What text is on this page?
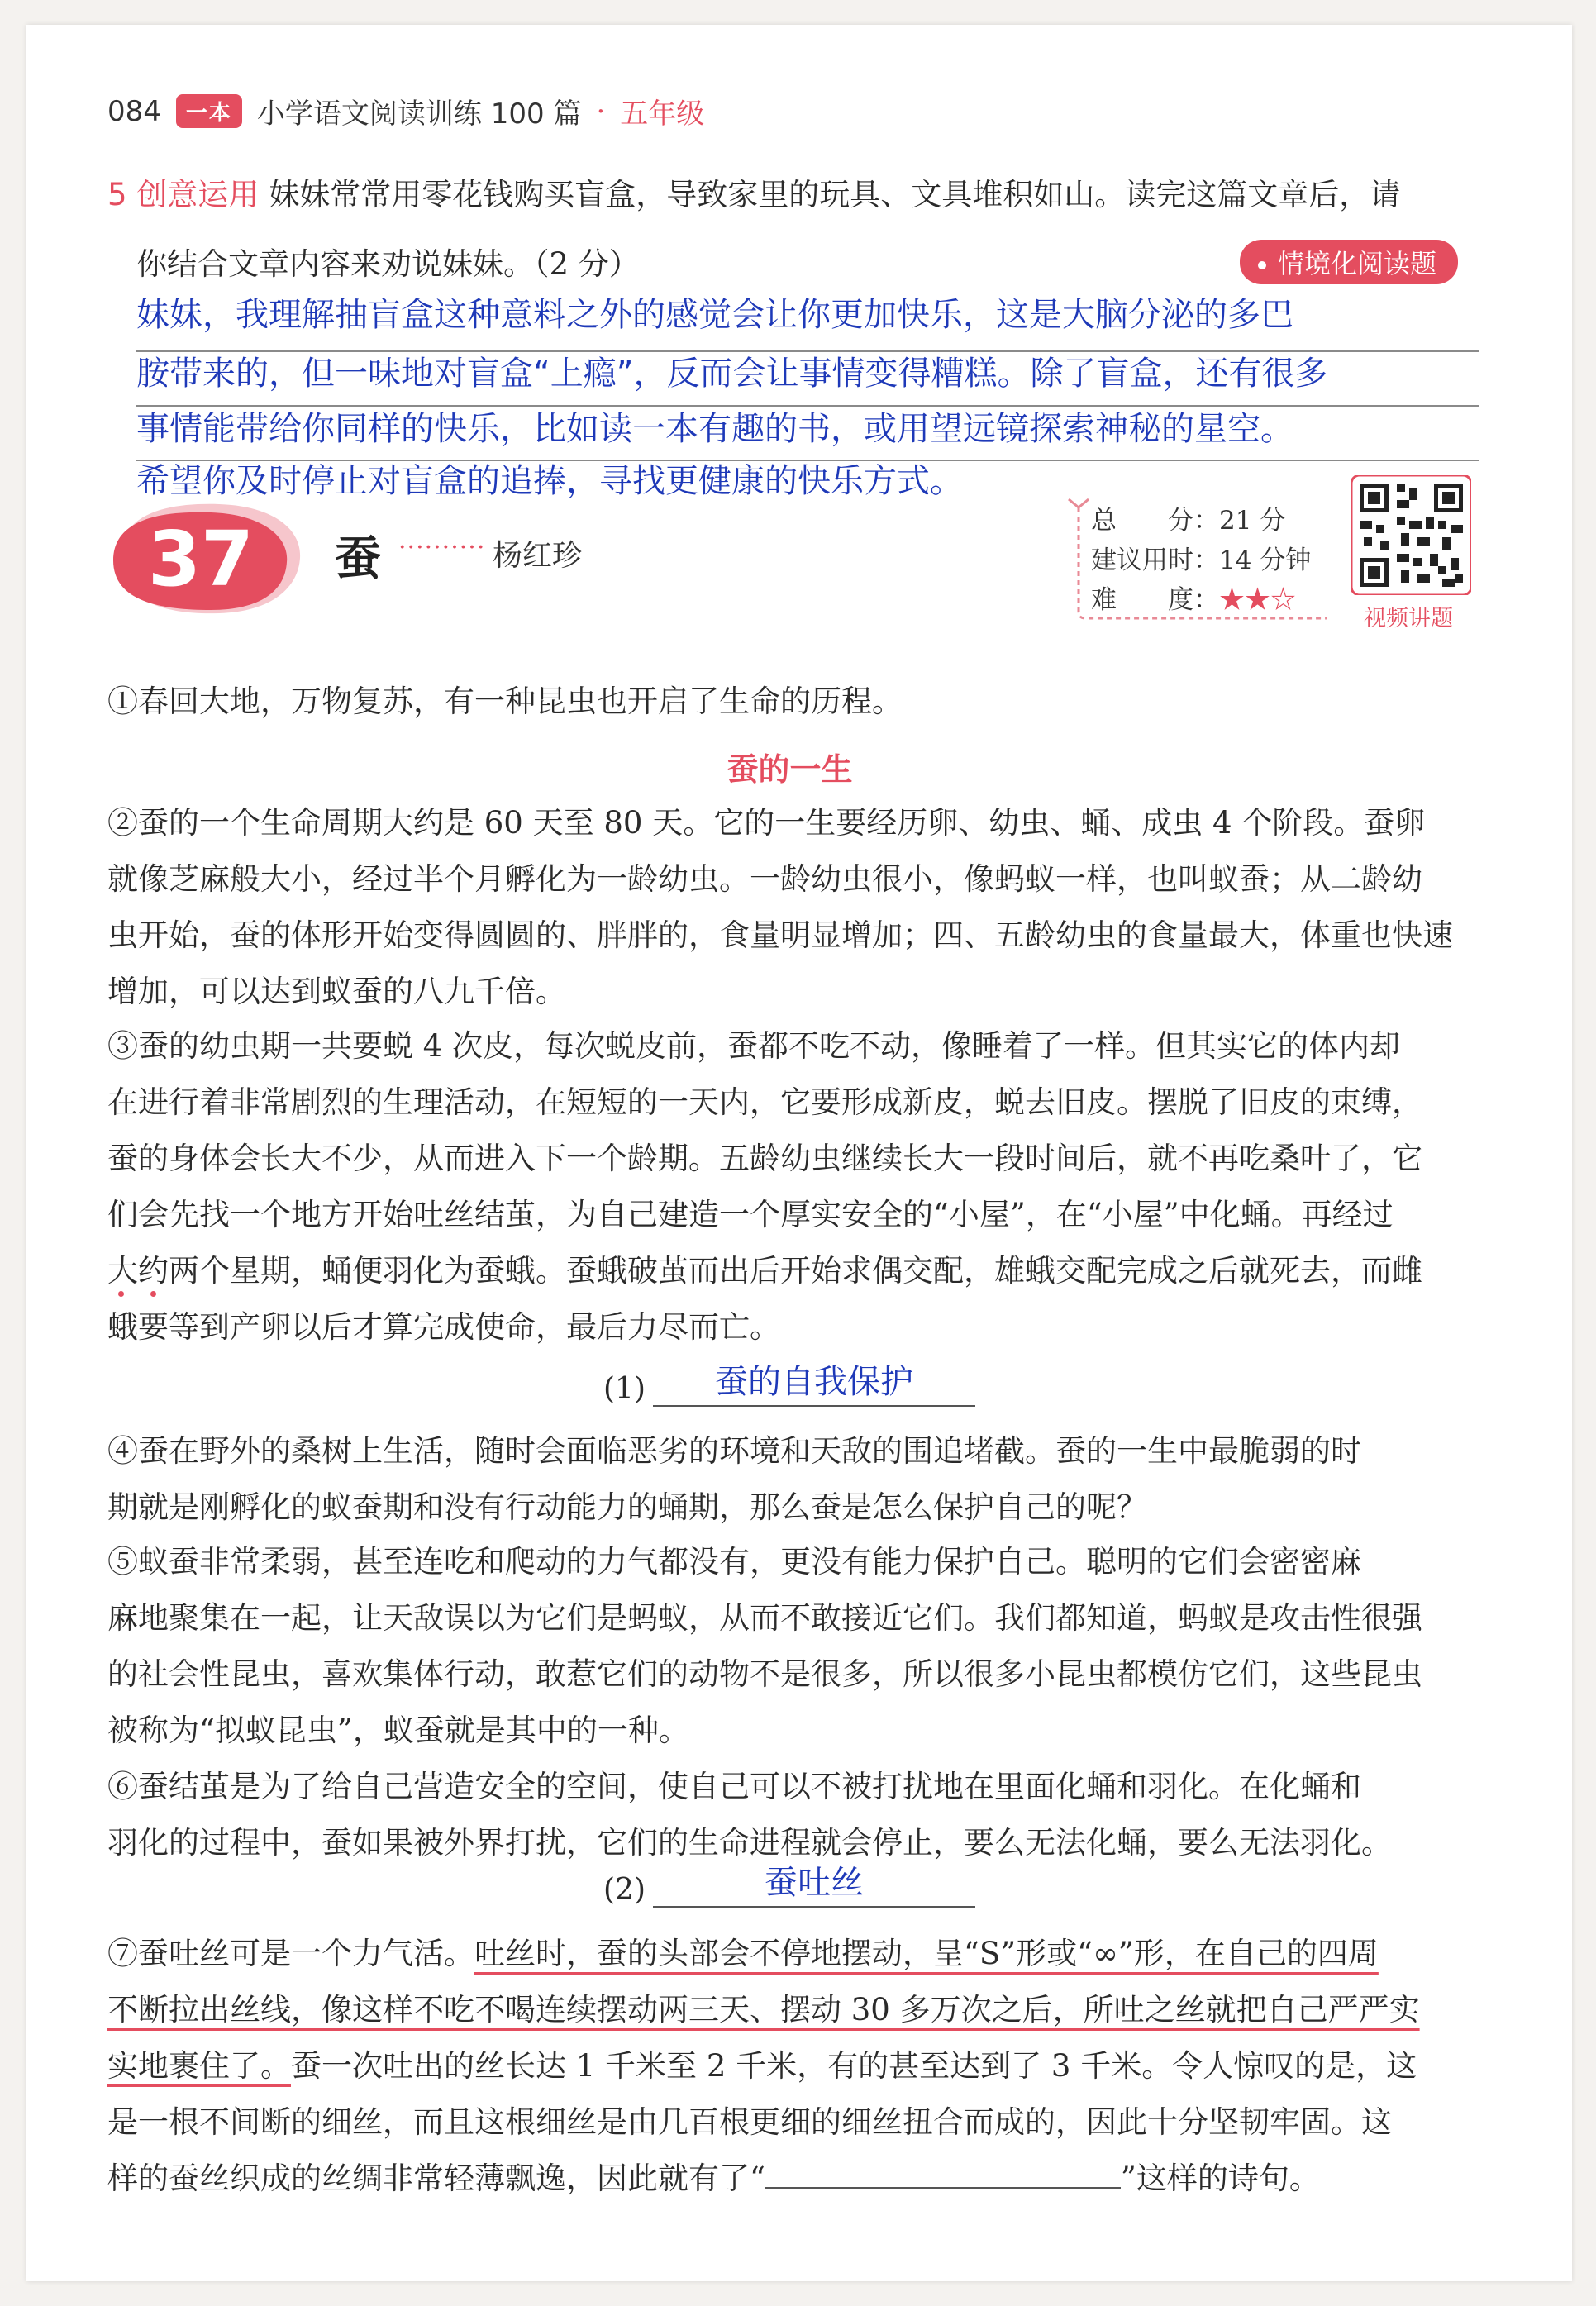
084	一本 小学语文阅读训练 100 篇 · 五年级
5 创意运用 妹妹常常用零花钱购买盲盒，导致家里的玩具、文具堆积如山。读完这篇文章后，请
你结合文章内容来劝说妹妹。（2 分）	情境化阅读题
妹妹，我理解抽盲盒这种意料之外的感觉会让你更加快乐，这是大脑分泌的多巴
胺带来的，但一味地对盲盒“上瘾”，反而会让事情变得糟糕。除了盲盒，还有很多
事情能带给你同样的快乐，比如读一本有趣的书，或用望远镜探索神秘的星空。
希望你及时停止对盲盒的追捧，寻找更健康的快乐方式。
37 蚕 ·········· 杨红珍
总　　分：21 分
建议用时：14 分钟
难　　度：★★☆
视频讲题
①春回大地，万物复苏，有一种昆虫也开启了生命的历程。
蚕的一生
②蚕的一个生命周期大约是 60 天至 80 天。它的一生要经历卵、幼虫、蛹、成虫 4 个阶段。蚕卵
就像芝麻般大小，经过半个月孵化为一龄幼虫。一龄幼虫很小，像蚂蚁一样，也叫蚁蚕；从二龄幼
虫开始，蚕的体形开始变得圆圆的、胖胖的，食量明显增加；四、五龄幼虫的食量最大，体重也快速
增加，可以达到蚁蚕的八九千倍。
③蚕的幼虫期一共要蜕 4 次皮，每次蜕皮前，蚕都不吃不动，像睡着了一样。但其实它的体内却
在进行着非常剧烈的生理活动，在短短的一天内，它要形成新皮，蜕去旧皮。摆脱了旧皮的束缚，
蚕的身体会长大不少，从而进入下一个龄期。五龄幼虫继续长大一段时间后，就不再吃桑叶了，它
们会先找一个地方开始吐丝结茧，为自己建造一个厚实安全的“小屋”，在“小屋”中化蛹。再经过
大约两个星期，蛹便羽化为蚕蛾。蚕蛾破茧而出后开始求偶交配，雄蛾交配完成之后就死去，而雌
蛾要等到产卵以后才算完成使命，最后力尽而亡。
(1)	蚕的自我保护
④蚕在野外的桑树上生活，随时会面临恶劣的环境和天敌的围追堵截。蚕的一生中最脆弱的时
期就是刚孵化的蚁蚕期和没有行动能力的蛹期，那么蚕是怎么保护自己的呢？
⑤蚁蚕非常柔弱，甚至连吃和爬动的力气都没有，更没有能力保护自己。聪明的它们会密密麻
麻地聚集在一起，让天敌误以为它们是蚂蚁，从而不敢接近它们。我们都知道，蚂蚁是攻击性很强
的社会性昆虫，喜欢集体行动，敢惹它们的动物不是很多，所以很多小昆虫都模仿它们，这些昆虫
被称为“拟蚁昆虫”，蚁蚕就是其中的一种。
⑥蚕结茧是为了给自己营造安全的空间，使自己可以不被打扰地在里面化蛹和羽化。在化蛹和
羽化的过程中，蚕如果被外界打扰，它们的生命进程就会停止，要么无法化蛹，要么无法羽化。
(2)	蚕吐丝
⑦蚕吐丝可是一个力气活。吐丝时，蚕的头部会不停地摆动，呈“S”形或“∞”形，在自己的四周
不断拉出丝线，像这样不吃不喝连续摆动两三天、摆动 30 多万次之后，所吐之丝就把自己严严实
实地裹住了。蚕一次吐出的丝长达 1 千米至 2 千米，有的甚至达到了 3 千米。令人惊叹的是，这
是一根不间断的细丝，而且这根细丝是由几百根更细的细丝扭合而成的，因此十分坚韧牢固。这
样的蚕丝织成的丝绸非常轻薄飘逸，因此就有了“	”这样的诗句。
